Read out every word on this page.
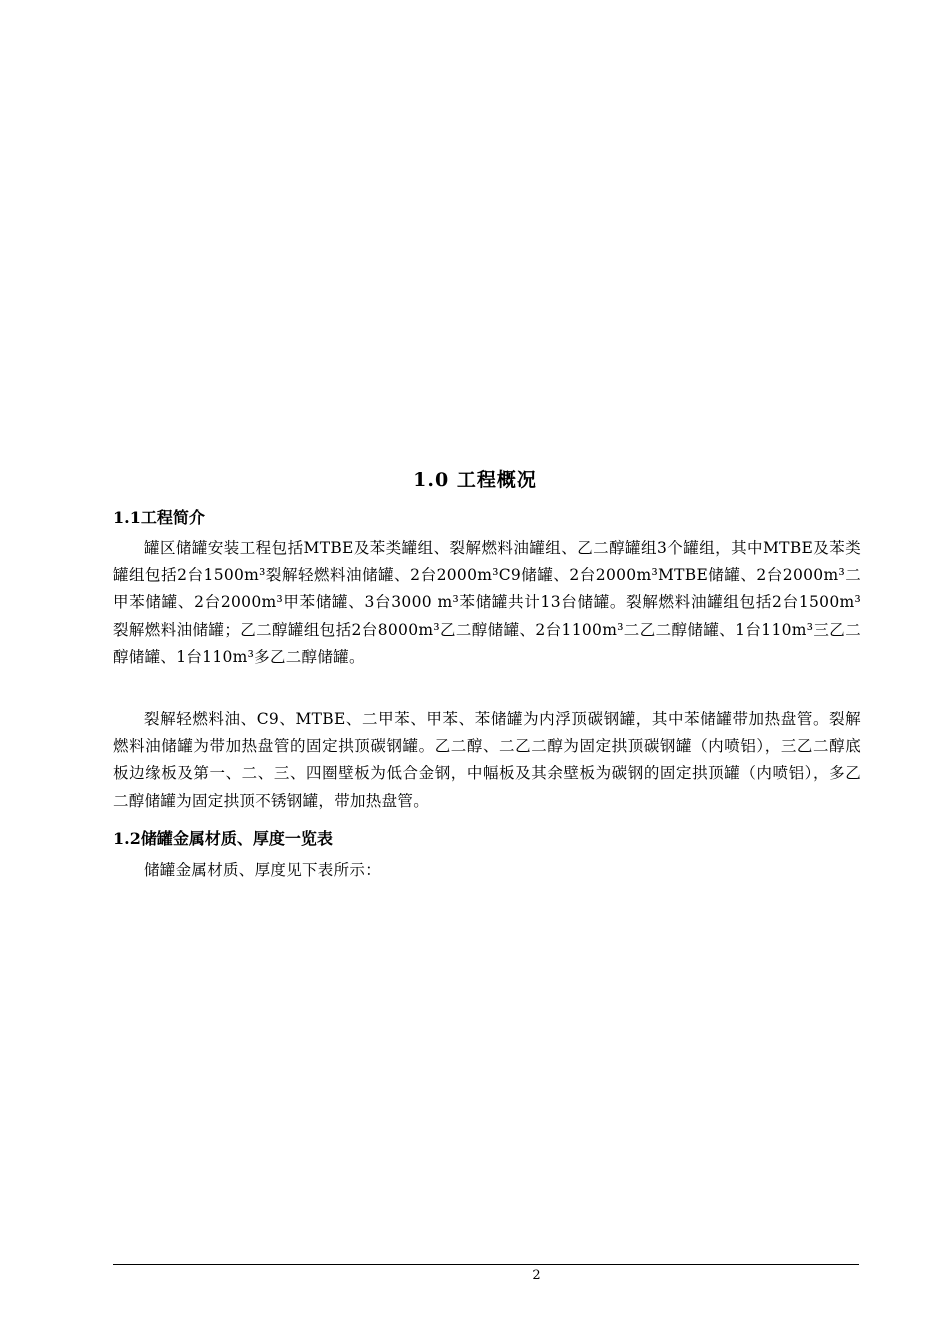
1.0 工程概况
1.1工程简介

罐区储罐安装工程包括MTBE及苯类罐组、裂解燃料油罐组、乙二醇罐组3个罐组，其中MTBE及苯类罐组包括2台1500m³裂解轻燃料油储罐、2台2000m³C9储罐、2台2000m³MTBE储罐、2台2000m³二甲苯储罐、2台2000m³甲苯储罐、3台3000 m³苯储罐共计13台储罐。裂解燃料油罐组包括2台1500m³裂解燃料油储罐；乙二醇罐组包括2台8000m³乙二醇储罐、2台1100m³二乙二醇储罐、1台110m³三乙二醇储罐、1台110m³多乙二醇储罐。

裂解轻燃料油、C9、MTBE、二甲苯、甲苯、苯储罐为内浮顶碳钢罐，其中苯储罐带加热盘管。裂解燃料油储罐为带加热盘管的固定拱顶碳钢罐。乙二醇、二乙二醇为固定拱顶碳钢罐（内喷铝），三乙二醇底板边缘板及第一、二、三、四圈壁板为低合金钢，中幅板及其余壁板为碳钢的固定拱顶罐（内喷铝），多乙二醇储罐为固定拱顶不锈钢罐，带加热盘管。

1.2储罐金属材质、厚度一览表

储罐金属材质、厚度见下表所示：

2
